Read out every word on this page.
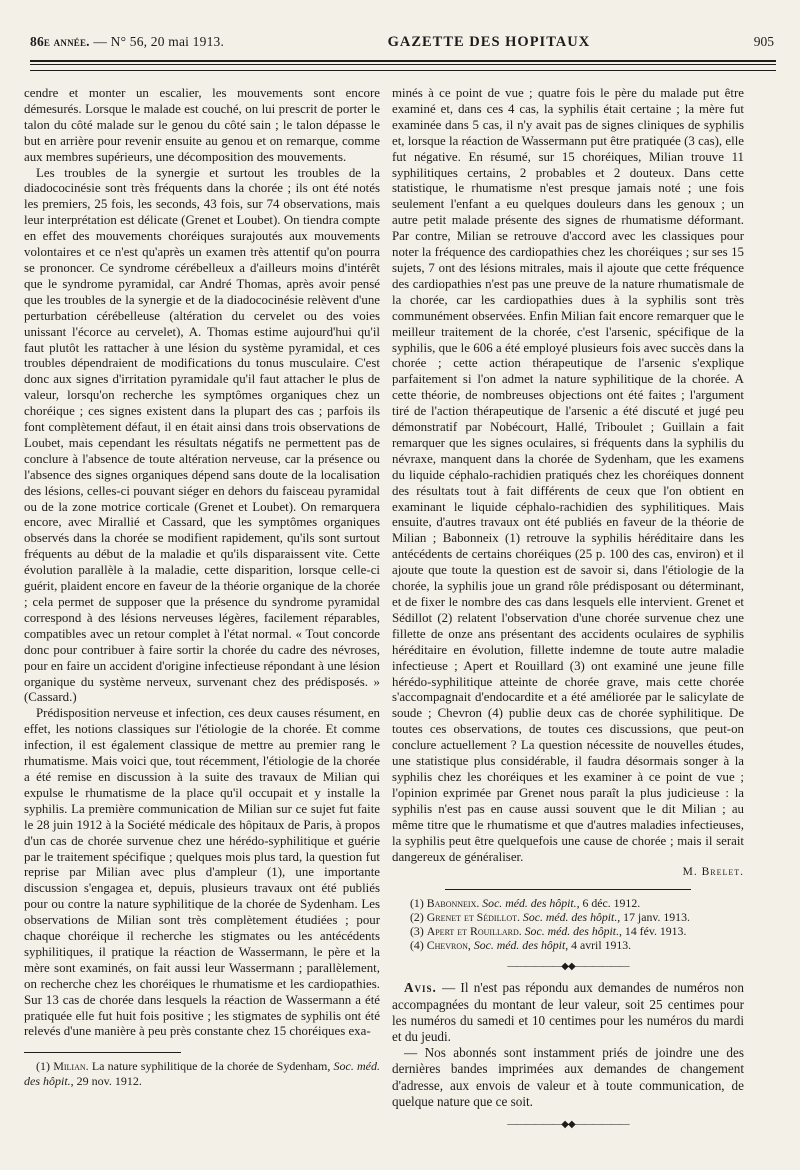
86e année. — N° 56, 20 mai 1913.	GAZETTE DES HOPITAUX	905

cendre et monter un escalier, les mouvements sont encore démesurés. Lorsque le malade est couché, on lui prescrit de porter le talon du côté malade sur le genou du côté sain ; le talon dépasse le but en arrière pour revenir ensuite au genou et on remarque, comme aux membres supérieurs, une décomposition des mouvements.

Les troubles de la synergie et surtout les troubles de la diadococinésie sont très fréquents dans la chorée ; ils ont été notés les premiers, 25 fois, les seconds, 43 fois, sur 74 observations, mais leur interprétation est délicate (Grenet et Loubet). On tiendra compte en effet des mouvements choréiques surajoutés aux mouvements volontaires et ce n'est qu'après un examen très attentif qu'on pourra se prononcer. Ce syndrome cérébelleux a d'ailleurs moins d'intérêt que le syndrome pyramidal, car André Thomas, après avoir pensé que les troubles de la synergie et de la diadococinésie relèvent d'une perturbation cérébelleuse (altération du cervelet ou des voies unissant l'écorce au cervelet), A. Thomas estime aujourd'hui qu'il faut plutôt les rattacher à une lésion du système pyramidal, et ces troubles dépendraient de modifications du tonus musculaire. C'est donc aux signes d'irritation pyramidale qu'il faut attacher le plus de valeur, lorsqu'on recherche les symptômes organiques chez un choréique ; ces signes existent dans la plupart des cas ; parfois ils font complètement défaut, il en était ainsi dans trois observations de Loubet, mais cependant les résultats négatifs ne permettent pas de conclure à l'absence de toute altération nerveuse, car la présence ou l'absence des signes organiques dépend sans doute de la localisation des lésions, celles-ci pouvant siéger en dehors du faisceau pyramidal ou de la zone motrice corticale (Grenet et Loubet). On remarquera encore, avec Mirallié et Cassard, que les symptômes organiques observés dans la chorée se modifient rapidement, qu'ils sont surtout fréquents au début de la maladie et qu'ils disparaissent vite. Cette évolution parallèle à la maladie, cette disparition, lorsque celle-ci guérit, plaident encore en faveur de la théorie organique de la chorée ; cela permet de supposer que la présence du syndrome pyramidal correspond à des lésions nerveuses légères, facilement réparables, compatibles avec un retour complet à l'état normal. « Tout concorde donc pour contribuer à faire sortir la chorée du cadre des névroses, pour en faire un accident d'origine infectieuse répondant à une lésion organique du système nerveux, survenant chez des prédisposés. » (Cassard.)

Prédisposition nerveuse et infection, ces deux causes résument, en effet, les notions classiques sur l'étiologie de la chorée. Et comme infection, il est également classique de mettre au premier rang le rhumatisme. Mais voici que, tout récemment, l'étiologie de la chorée a été remise en discussion à la suite des travaux de Milian qui expulse le rhumatisme de la place qu'il occupait et y installe la syphilis. La première communication de Milian sur ce sujet fut faite le 28 juin 1912 à la Société médicale des hôpitaux de Paris, à propos d'un cas de chorée survenue chez une hérédo-syphilitique et guérie par le traitement spécifique ; quelques mois plus tard, la question fut reprise par Milian avec plus d'ampleur (1), une importante discussion s'engagea et, depuis, plusieurs travaux ont été publiés pour ou contre la nature syphilitique de la chorée de Sydenham. Les observations de Milian sont très complètement étudiées ; pour chaque choréique il recherche les stigmates ou les antécédents syphilitiques, il pratique la réaction de Wassermann, le père et la mère sont examinés, on fait aussi leur Wassermann ; parallèlement, on recherche chez les choréiques le rhumatisme et les cardiopathies. Sur 13 cas de chorée dans lesquels la réaction de Wassermann a été pratiquée elle fut huit fois positive ; les stigmates de syphilis ont été relevés d'une manière à peu près constante chez 15 choréiques exa-

(1) Milian. La nature syphilitique de la chorée de Sydenham, Soc. méd. des hôpit., 29 nov. 1912.

minés à ce point de vue ; quatre fois le père du malade put être examiné et, dans ces 4 cas, la syphilis était certaine ; la mère fut examinée dans 5 cas, il n'y avait pas de signes cliniques de syphilis et, lorsque la réaction de Wassermann put être pratiquée (3 cas), elle fut négative. En résumé, sur 15 choréiques, Milian trouve 11 syphilitiques certains, 2 probables et 2 douteux. Dans cette statistique, le rhumatisme n'est presque jamais noté ; une fois seulement l'enfant a eu quelques douleurs dans les genoux ; un autre petit malade présente des signes de rhumatisme déformant. Par contre, Milian se retrouve d'accord avec les classiques pour noter la fréquence des cardiopathies chez les choréiques ; sur ses 15 sujets, 7 ont des lésions mitrales, mais il ajoute que cette fréquence des cardiopathies n'est pas une preuve de la nature rhumatismale de la chorée, car les cardiopathies dues à la syphilis sont très communément observées. Enfin Milian fait encore remarquer que le meilleur traitement de la chorée, c'est l'arsenic, spécifique de la syphilis, que le 606 a été employé plusieurs fois avec succès dans la chorée ; cette action thérapeutique de l'arsenic s'explique parfaitement si l'on admet la nature syphilitique de la chorée. A cette théorie, de nombreuses objections ont été faites ; l'argument tiré de l'action thérapeutique de l'arsenic a été discuté et jugé peu démonstratif par Nobécourt, Hallé, Triboulet ; Guillain a fait remarquer que les signes oculaires, si fréquents dans la syphilis du névraxe, manquent dans la chorée de Sydenham, que les examens du liquide céphalo-rachidien pratiqués chez les choréiques donnent des résultats tout à fait différents de ceux que l'on obtient en examinant le liquide céphalo-rachidien des syphilitiques. Mais ensuite, d'autres travaux ont été publiés en faveur de la théorie de Milian ; Babonneix (1) retrouve la syphilis héréditaire dans les antécédents de certains choréiques (25 p. 100 des cas, environ) et il ajoute que toute la question est de savoir si, dans l'étiologie de la chorée, la syphilis joue un grand rôle prédisposant ou déterminant, et de fixer le nombre des cas dans lesquels elle intervient. Grenet et Sédillot (2) relatent l'observation d'une chorée survenue chez une fillette de onze ans présentant des accidents oculaires de syphilis héréditaire en évolution, fillette indemne de toute autre maladie infectieuse ; Apert et Rouillard (3) ont examiné une jeune fille hérédo-syphilitique atteinte de chorée grave, mais cette chorée s'accompagnait d'endocardite et a été améliorée par le salicylate de soude ; Chevron (4) publie deux cas de chorée syphilitique. De toutes ces observations, de toutes ces discussions, que peut-on conclure actuellement ? La question nécessite de nouvelles études, une statistique plus considérable, il faudra désormais songer à la syphilis chez les choréiques et les examiner à ce point de vue ; l'opinion exprimée par Grenet nous paraît la plus judicieuse : la syphilis n'est pas en cause aussi souvent que le dit Milian ; au même titre que le rhumatisme et que d'autres maladies infectieuses, la syphilis peut être quelquefois une cause de chorée ; mais il serait dangereux de généraliser.

M. Brelet.

(1) Babonneix. Soc. méd. des hôpit., 6 déc. 1912.

(2) Grenet et Sédillot. Soc. méd. des hôpit., 17 janv. 1913.

(3) Apert et Rouillard. Soc. méd. des hôpit., 14 fév. 1913.

(4) Chevron, Soc. méd. des hôpit, 4 avril 1913.

——————◆◆——————

Avis. — Il n'est pas répondu aux demandes de numéros non accompagnées du montant de leur valeur, soit 25 centimes pour les numéros du samedi et 10 centimes pour les numéros du mardi et du jeudi.

— Nos abonnés sont instamment priés de joindre une des dernières bandes imprimées aux demandes de changement d'adresse, aux envois de valeur et à toute communication, de quelque nature que ce soit.

——————◆◆——————
